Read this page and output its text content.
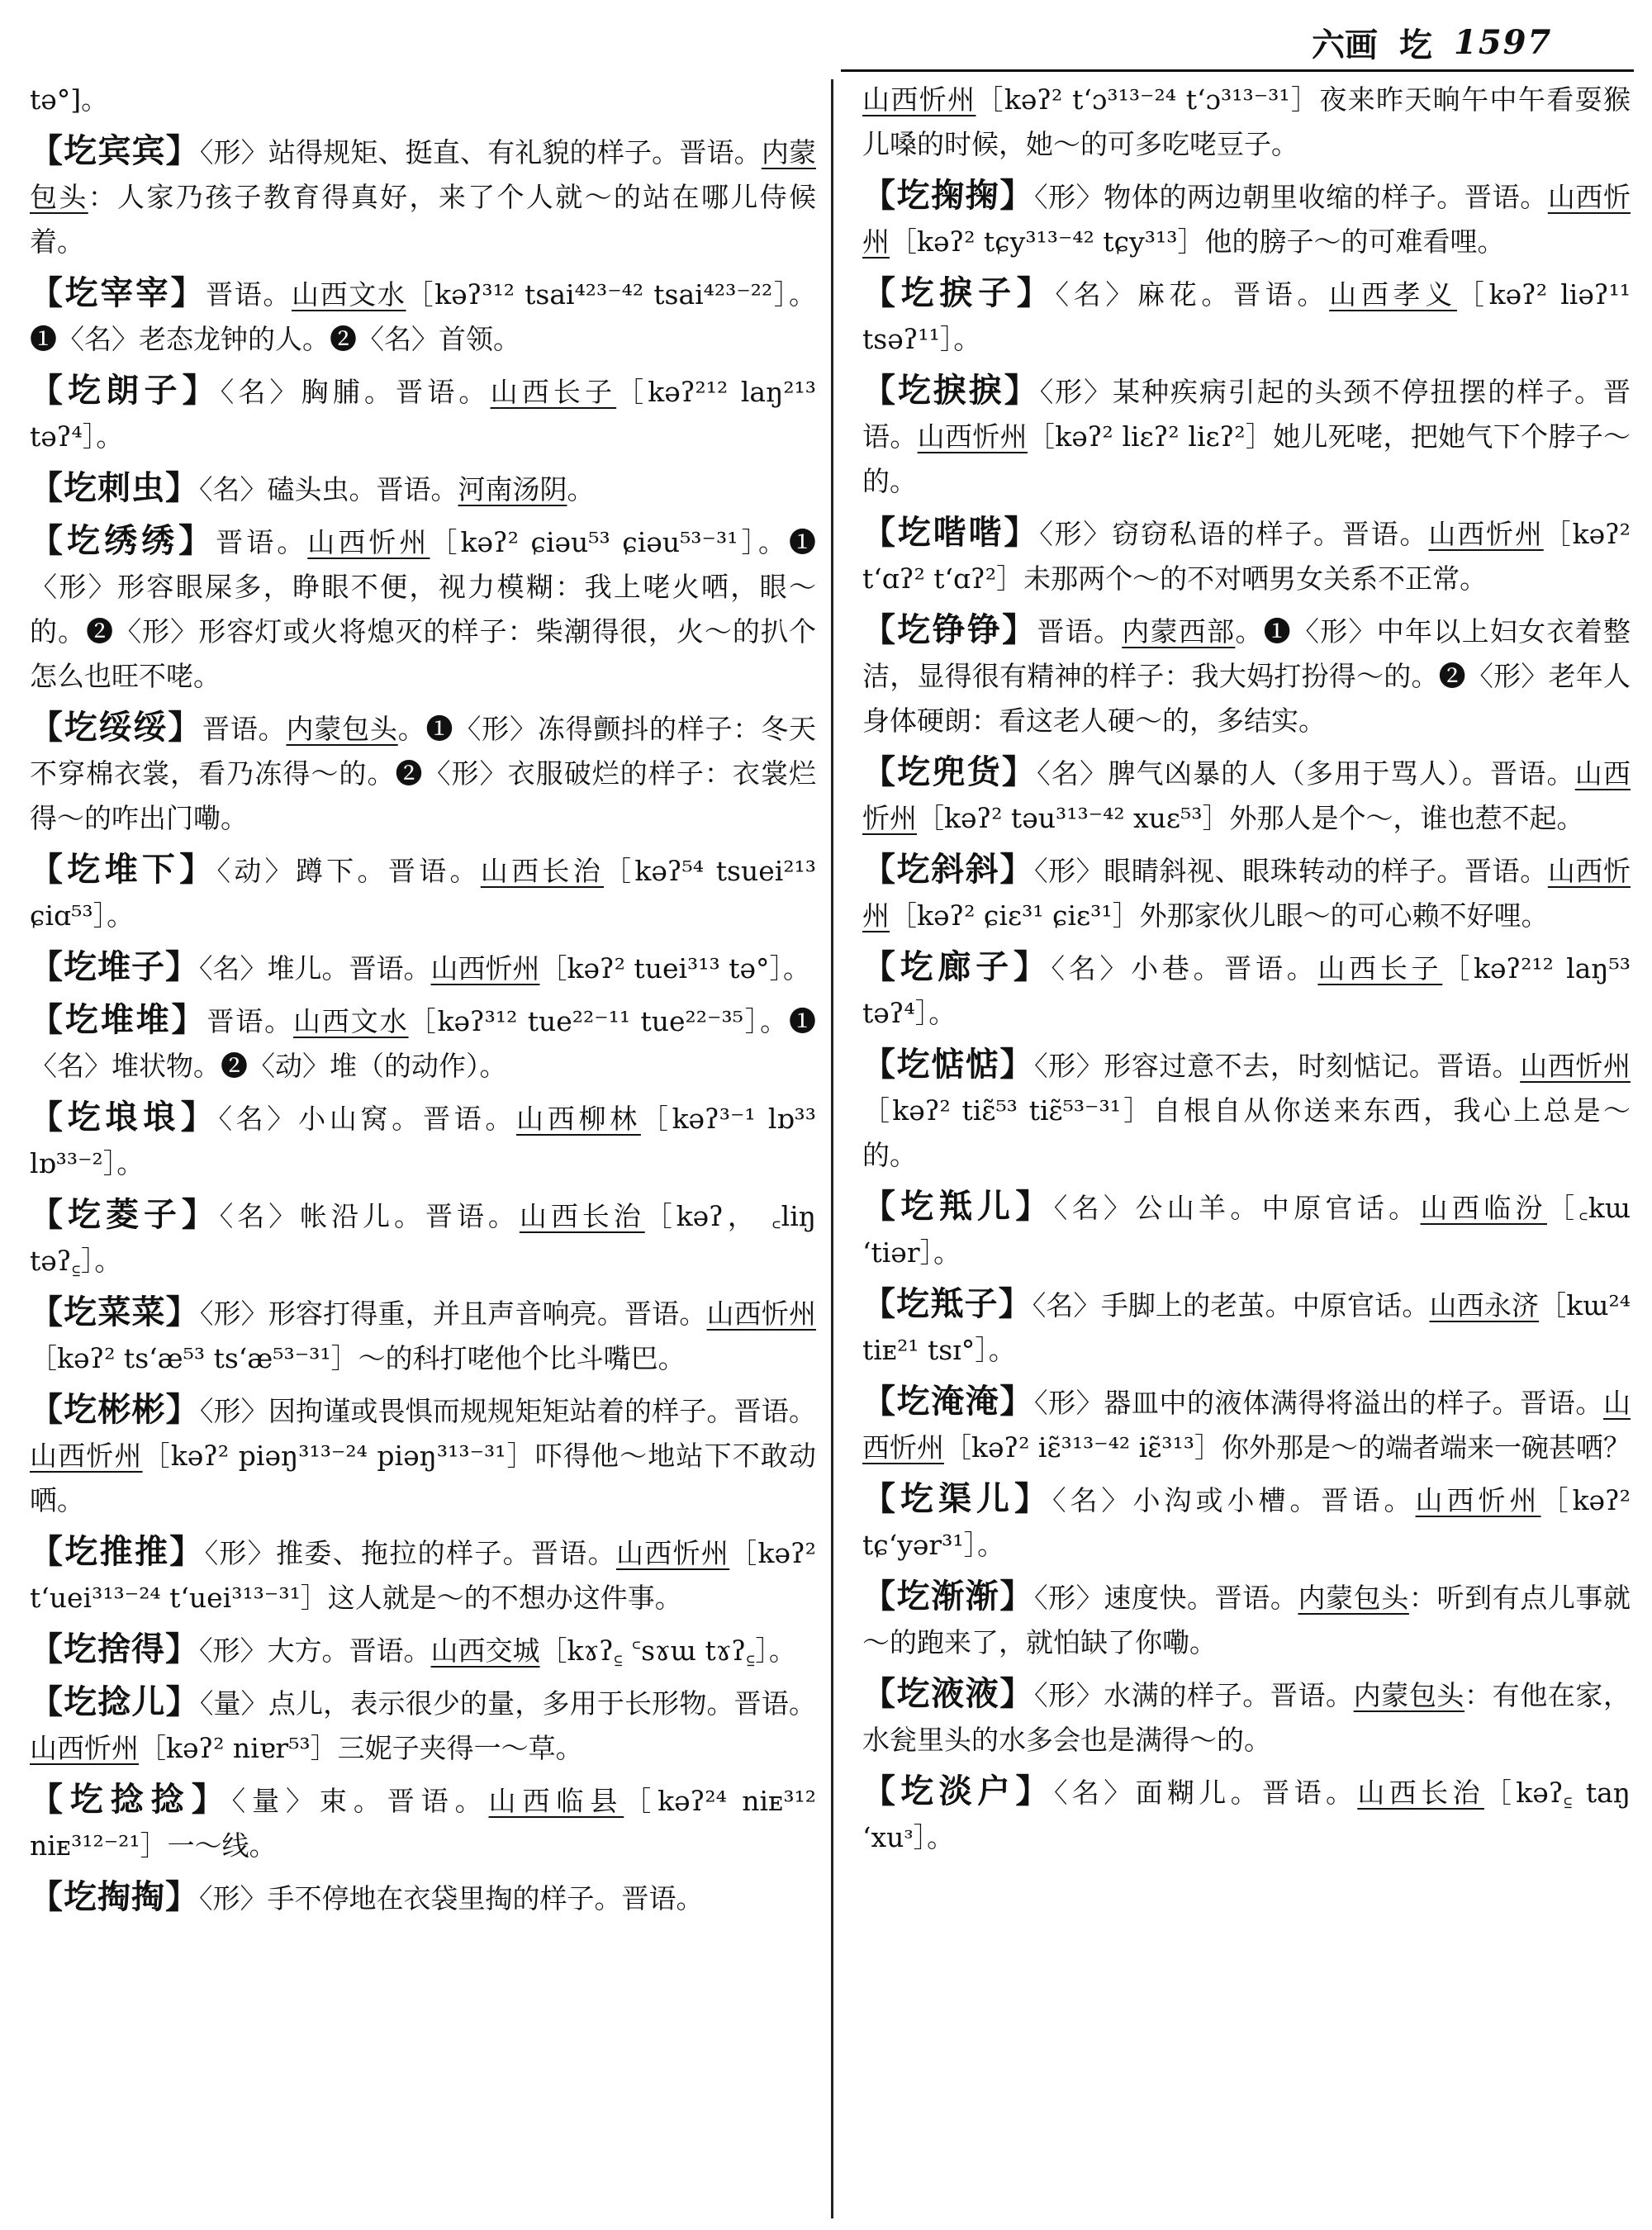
六画 圪 1597

tə°]。

【圪宾宾】〈形〉站得规矩、挺直、有礼貌的样子。晋语。内蒙包头：人家乃孩子教育得真好，来了个人就～的站在哪儿侍候着。

【圪宰宰】晋语。山西文水［kəʔ³¹² tsai⁴²³⁻⁴² tsai⁴²³⁻²²］。❶〈名〉老态龙钟的人。❷〈名〉首领。

【圪朗子】〈名〉胸脯。晋语。山西长子［kəʔ²¹² laŋ²¹³ təʔ⁴］。

【圪刺虫】〈名〉磕头虫。晋语。河南汤阴。

【圪绣绣】晋语。山西忻州［kəʔ² ɕiəu⁵³ ɕiəu⁵³⁻³¹］。❶〈形〉形容眼屎多，睁眼不便，视力模糊：我上咾火哂，眼～的。❷〈形〉形容灯或火将熄灭的样子：柴潮得很，火～的扒个怎么也旺不咾。

【圪绥绥】晋语。内蒙包头。❶〈形〉冻得颤抖的样子：冬天不穿棉衣裳，看乃冻得～的。❷〈形〉衣服破烂的样子：衣裳烂得～的咋出门嘞。

【圪堆下】〈动〉蹲下。晋语。山西长治［kəʔ⁵⁴ tsuei²¹³ ɕiɑ⁵³］。

【圪堆子】〈名〉堆儿。晋语。山西忻州［kəʔ² tuei³¹³ tə°］。

【圪堆堆】晋语。山西文水［kəʔ³¹² tue²²⁻¹¹ tue²²⁻³⁵］。❶〈名〉堆状物。❷〈动〉堆（的动作）。

【圪埌埌】〈名〉小山窝。晋语。山西柳林［kəʔ³⁻¹ lɒ³³ lɒ³³⁻²］。

【圪菱子】〈名〉帐沿儿。晋语。山西长治［kəʔ， ꜀liŋ təʔ꜁］。

【圪菜菜】〈形〉形容打得重，并且声音响亮。晋语。山西忻州［kəʔ² tsʻæ⁵³ tsʻæ⁵³⁻³¹］～的科打咾他个比斗嘴巴。

【圪彬彬】〈形〉因拘谨或畏惧而规规矩矩站着的样子。晋语。山西忻州［kəʔ² piəŋ³¹³⁻²⁴ piəŋ³¹³⁻³¹］吓得他～地站下不敢动哂。

【圪推推】〈形〉推委、拖拉的样子。晋语。山西忻州［kəʔ² tʻuei³¹³⁻²⁴ tʻuei³¹³⁻³¹］这人就是～的不想办这件事。

【圪捨得】〈形〉大方。晋语。山西交城［kɤʔ꜁ ꜂sɤɯ tɤʔ꜁］。

【圪捻儿】〈量〉点儿，表示很少的量，多用于长形物。晋语。山西忻州［kəʔ² niɐr⁵³］三妮子夹得一～草。

【圪捻捻】〈量〉束。晋语。山西临县［kəʔ²⁴ niᴇ³¹² niᴇ³¹²⁻²¹］一～线。

【圪掏掏】〈形〉手不停地在衣袋里掏的样子。晋语。

山西忻州［kəʔ² tʻɔ³¹³⁻²⁴ tʻɔ³¹³⁻³¹］夜来昨天晌午中午看耍猴儿嗓的时候，她～的可多吃咾豆子。

【圪掬掬】〈形〉物体的两边朝里收缩的样子。晋语。山西忻州［kəʔ² tɕy³¹³⁻⁴² tɕy³¹³］他的膀子～的可难看哩。

【圪捩子】〈名〉麻花。晋语。山西孝义［kəʔ² liəʔ¹¹ tsəʔ¹¹］。

【圪捩捩】〈形〉某种疾病引起的头颈不停扭摆的样子。晋语。山西忻州［kəʔ² liɛʔ² liɛʔ²］她儿死咾，把她气下个脖子～的。

【圪喈喈】〈形〉窃窃私语的样子。晋语。山西忻州［kəʔ² tʻɑʔ² tʻɑʔ²］未那两个～的不对哂男女关系不正常。

【圪铮铮】晋语。内蒙西部。❶〈形〉中年以上妇女衣着整洁，显得很有精神的样子：我大妈打扮得～的。❷〈形〉老年人身体硬朗：看这老人硬～的，多结实。

【圪兜货】〈名〉脾气凶暴的人（多用于骂人）。晋语。山西忻州［kəʔ² təu³¹³⁻⁴² xuɛ⁵³］外那人是个～，谁也惹不起。

【圪斜斜】〈形〉眼睛斜视、眼珠转动的样子。晋语。山西忻州［kəʔ² ɕiɛ³¹ ɕiɛ³¹］外那家伙儿眼～的可心赖不好哩。

【圪廊子】〈名〉小巷。晋语。山西长子［kəʔ²¹² laŋ⁵³ təʔ⁴］。

【圪惦惦】〈形〉形容过意不去，时刻惦记。晋语。山西忻州［kəʔ² tiɛ̃⁵³ tiɛ̃⁵³⁻³¹］自根自从你送来东西，我心上总是～的。

【圪羝儿】〈名〉公山羊。中原官话。山西临汾［꜀kɯ ʻtiər］。

【圪羝子】〈名〉手脚上的老茧。中原官话。山西永济［kɯ²⁴ tiᴇ²¹ tsɪ°］。

【圪淹淹】〈形〉器皿中的液体满得将溢出的样子。晋语。山西忻州［kəʔ² iɛ̃³¹³⁻⁴² iɛ̃³¹³］你外那是～的端者端来一碗甚哂？

【圪渠儿】〈名〉小沟或小槽。晋语。山西忻州［kəʔ² tɕʻyər³¹］。

【圪渐渐】〈形〉速度快。晋语。内蒙包头：听到有点儿事就～的跑来了，就怕缺了你嘞。

【圪液液】〈形〉水满的样子。晋语。内蒙包头：有他在家，水瓮里头的水多会也是满得～的。

【圪淡户】〈名〉面糊儿。晋语。山西长治［kəʔ꜁ taŋ ʻxuᶟ］。
